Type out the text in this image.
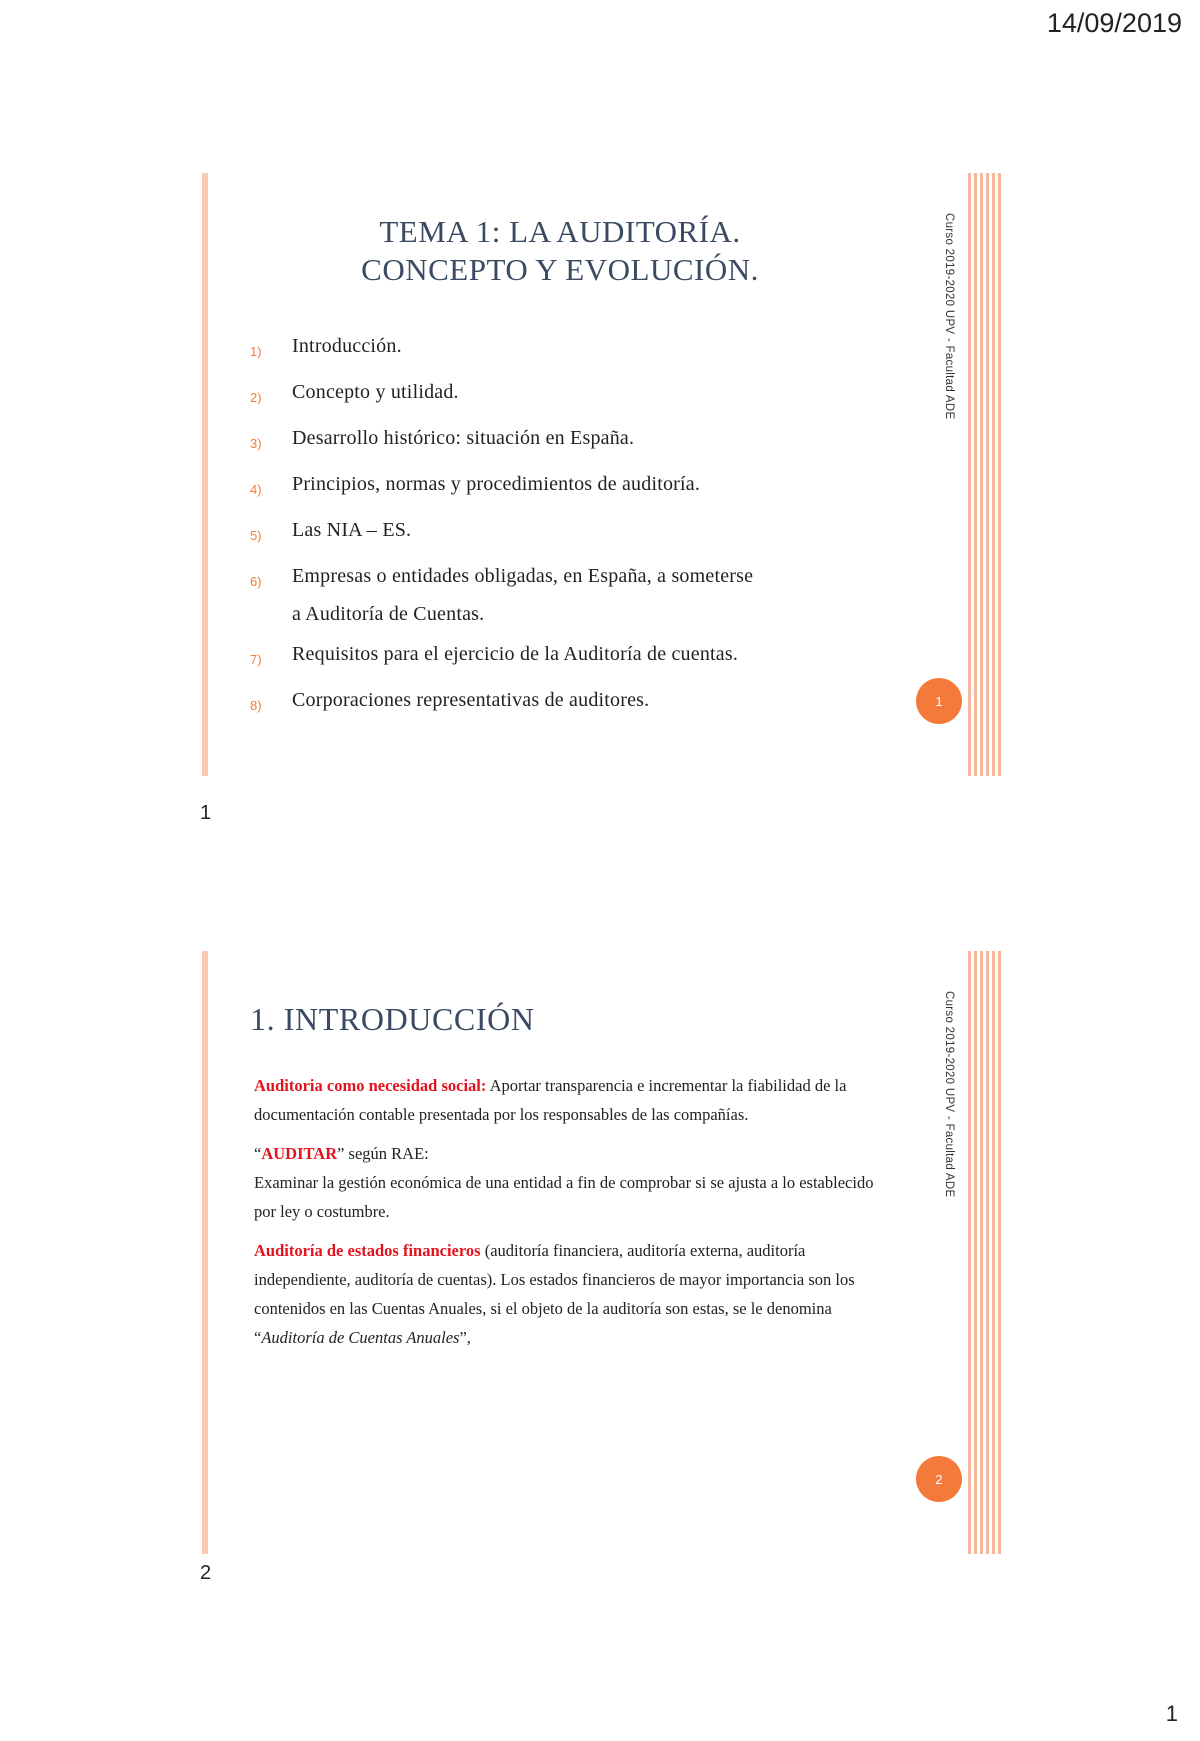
14/09/2019
Curso 2019-2020 UPV - Facultad ADE
TEMA 1: LA AUDITORÍA.
CONCEPTO Y EVOLUCIÓN.
1)	Introducción.
2)	Concepto y utilidad.
3)	Desarrollo histórico: situación en España.
4)	Principios, normas y procedimientos de auditoría.
5)	Las NIA – ES.
6)	Empresas o entidades obligadas, en España, a someterse
a Auditoría de Cuentas.
7)	Requisitos para el ejercicio de la Auditoría de cuentas.
8)	Corporaciones representativas de auditores.	1
1
Curso 2019-2020 UPV - Facultad ADE
1. INTRODUCCIÓN

Auditoria como necesidad social: Aportar transparencia e incrementar la fiabilidad de la documentación contable presentada por los responsables de las compañías.

“AUDITAR” según RAE:
Examinar la gestión económica de una entidad a fin de comprobar si se ajusta a lo establecido por ley o costumbre.

Auditoría de estados financieros (auditoría financiera, auditoría externa, auditoría independiente, auditoría de cuentas). Los estados financieros de mayor importancia son los contenidos en las Cuentas Anuales, si el objeto de la auditoría son estas, se le denomina “Auditoría de Cuentas Anuales”,

2
2
1
